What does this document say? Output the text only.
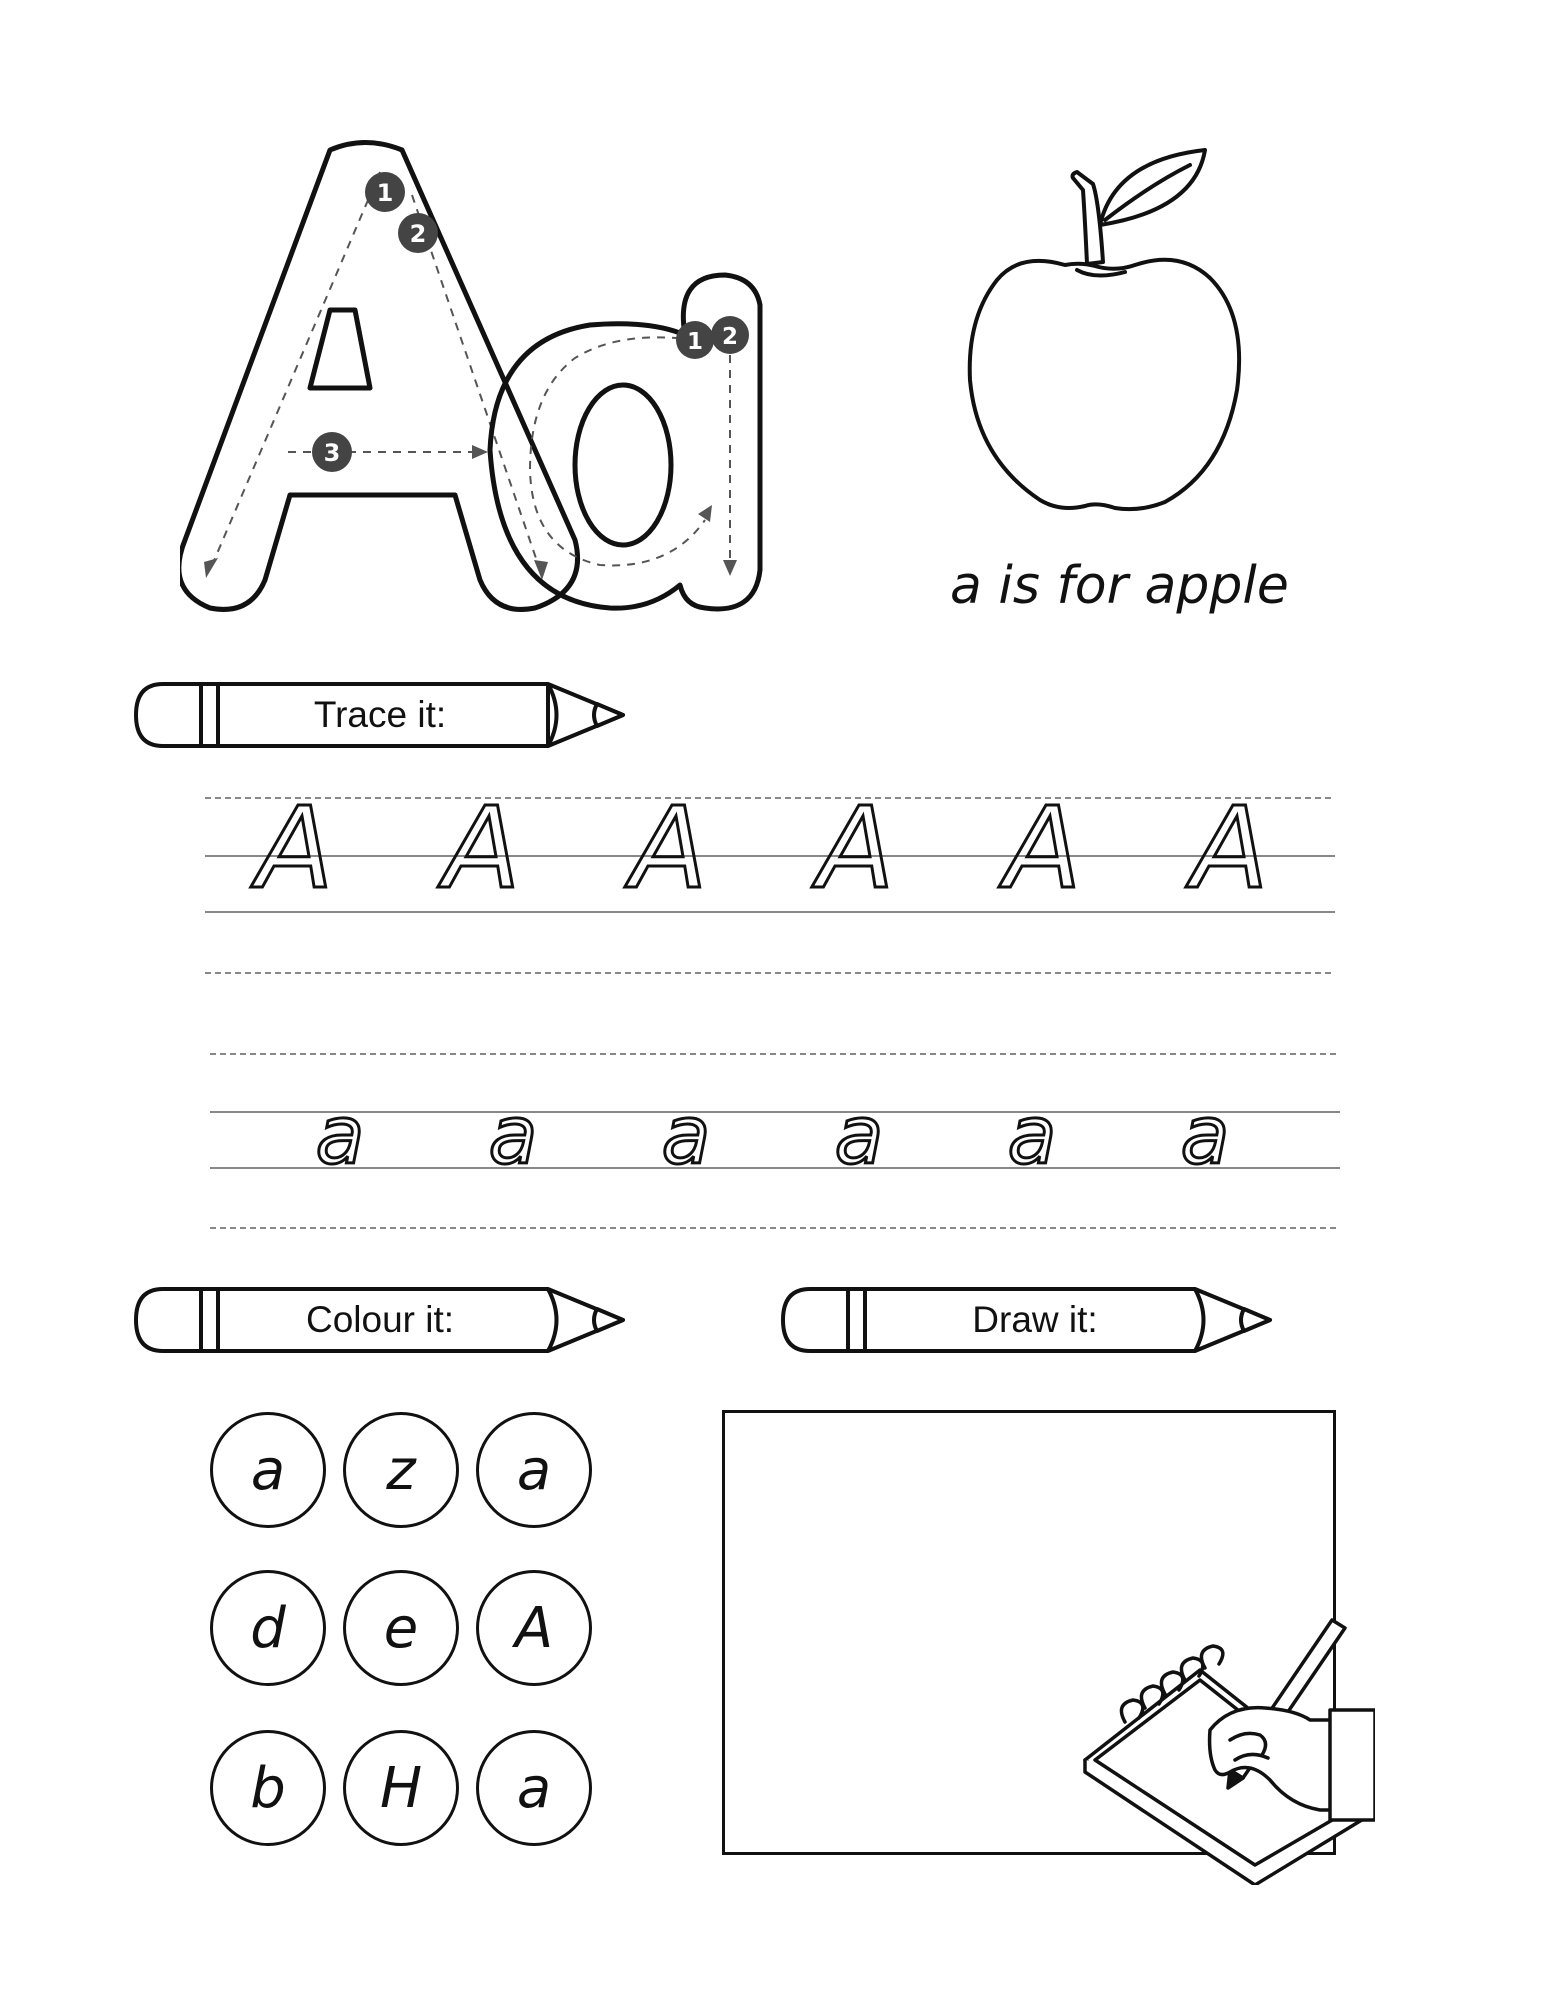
1
2
3
1 2
a is for apple
Trace it:
A A A A A A
a a a a a a
Colour it:	Draw it:
a	z	a
d	e	A
b	H	a
